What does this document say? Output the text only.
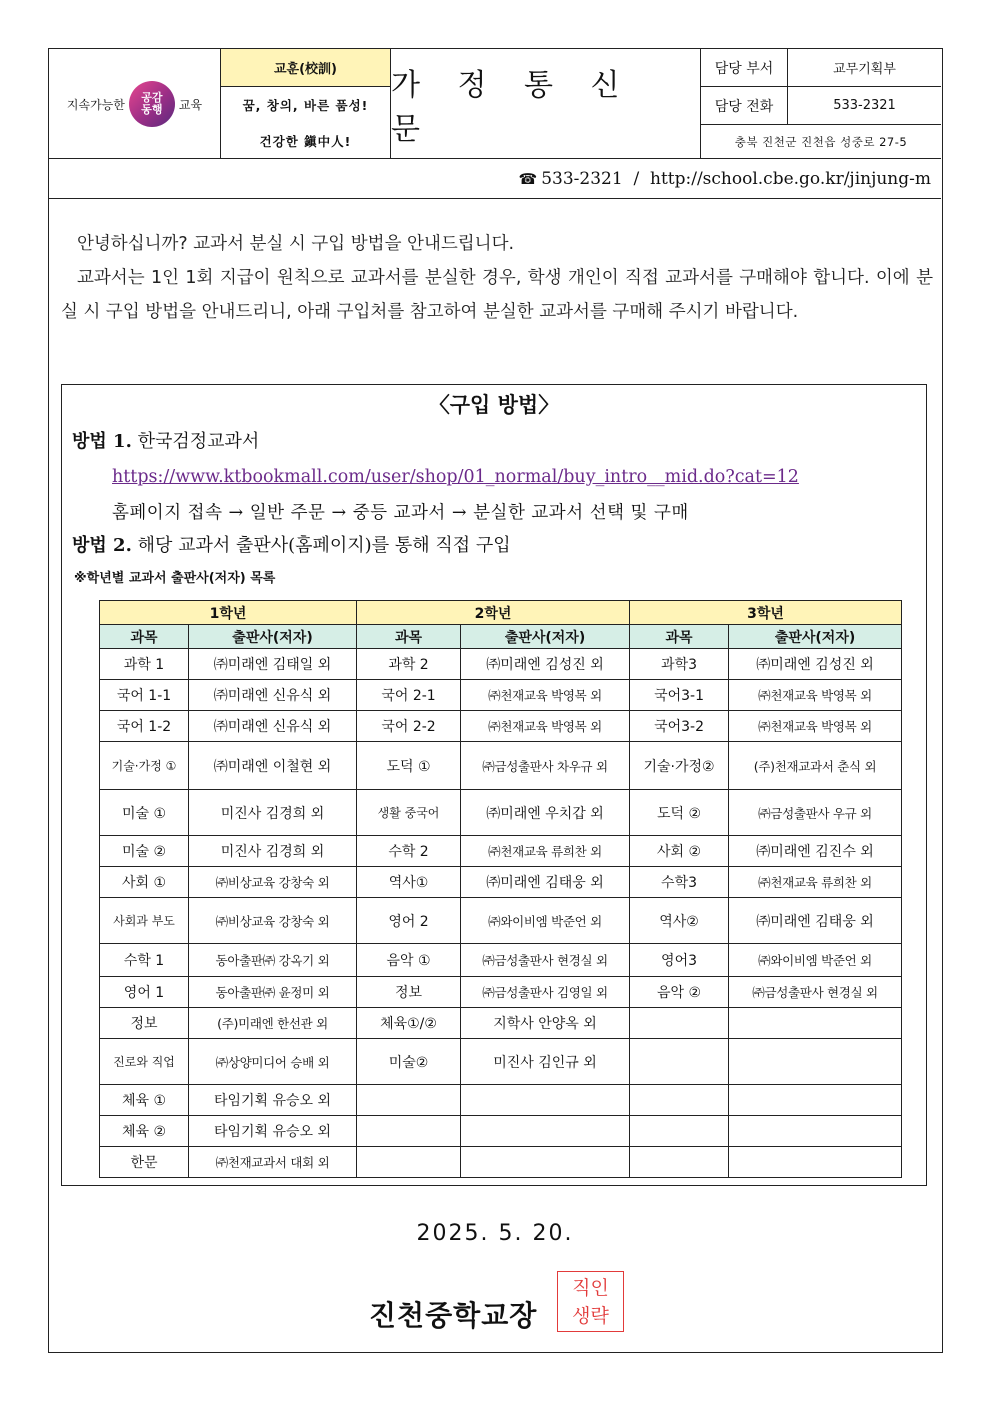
지속가능한 공감
동행 교육
교훈(校訓)
꿈, 창의, 바른 품성!
건강한 鎭中人!
가 정 통 신 문
담당 부서	교무기획부
담당 전화	533-2321
충북 진천군 진천읍 성중로 27-5
☎ 533-2321  /  http://school.cbe.go.kr/jinjung-m

안녕하십니까? 교과서 분실 시 구입 방법을 안내드립니다.

교과서는 1인 1회 지급이 원칙으로 교과서를 분실한 경우, 학생 개인이 직접 교과서를 구매해야 합니다. 이에 분실 시 구입 방법을 안내드리니, 아래 구입처를 참고하여 분실한 교과서를 구매해 주시기 바랍니다.

〈구입 방법〉
방법 1. 한국검정교과서
https://www.ktbookmall.com/user/shop/01_normal/buy_intro__mid.do?cat=12
홈페이지 접속 → 일반 주문 → 중등 교과서 → 분실한 교과서 선택 및 구매
방법 2. 해당 교과서 출판사(홈페이지)를 통해 직접 구입
※학년별 교과서 출판사(저자) 목록
1학년		2학년		3학년	
과목	출판사(저자)	과목	출판사(저자)	과목	출판사(저자)
과학 1	㈜미래엔 김태일 외	과학 2	㈜미래엔 김성진 외	과학3	㈜미래엔 김성진 외
국어 1-1	㈜미래엔 신유식 외	국어 2-1	㈜천재교육 박영목 외	국어3-1	㈜천재교육 박영목 외
국어 1-2	㈜미래엔 신유식 외	국어 2-2	㈜천재교육 박영목 외	국어3-2	㈜천재교육 박영목 외
기술·가정 ①	㈜미래엔 이철현 외	도덕 ①	㈜금성출판사 차우규 외	기술·가정②	(주)천재교과서 춘식 외
미술 ①	미진사 김경희 외	생활 중국어	㈜미래엔 우치갑 외	도덕 ②	㈜금성출판사 우규 외
미술 ②	미진사 김경희 외	수학 2	㈜천재교육 류희찬 외	사회 ②	㈜미래엔 김진수 외
사회 ①	㈜비상교육 강창숙 외	역사①	㈜미래엔 김태웅 외	수학3	㈜천재교육 류희찬 외
사회과 부도	㈜비상교육 강창숙 외	영어 2	㈜와이비엠 박준언 외	역사②	㈜미래엔 김태웅 외
수학 1	동아출판㈜ 강옥기 외	음악 ①	㈜금성출판사 현경실 외	영어3	㈜와이비엠 박준언 외
영어 1	동아출판㈜ 윤정미 외	정보	㈜금성출판사 김영일 외	음악 ②	㈜금성출판사 현경실 외
정보	(주)미래엔 한선관 외	체육①/②	지학사 안양옥 외		
진로와 직업	㈜상양미디어 승배 외	미술②	미진사 김인규 외		
체육 ①	타임기획 유승오 외				
체육 ②	타임기획 유승오 외				
한문	㈜천재교과서 대회 외				
2025. 5. 20.
진천중학교장
직인
생략
